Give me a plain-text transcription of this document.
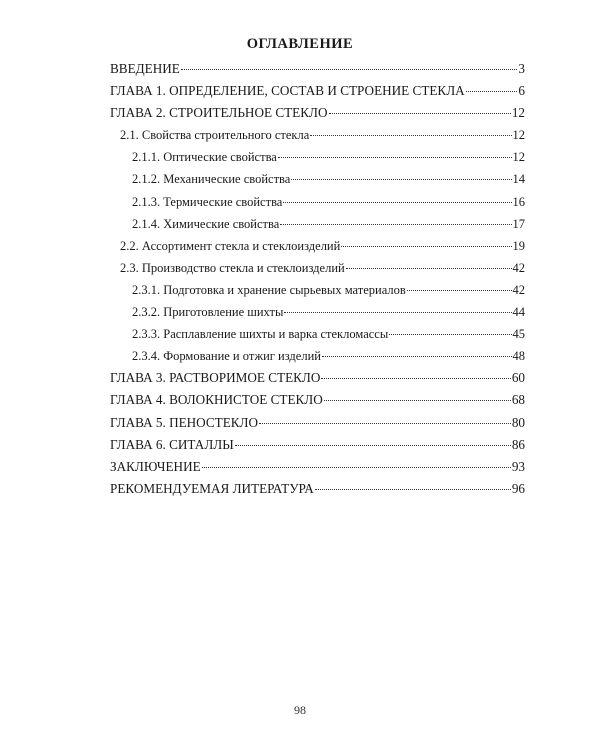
ОГЛАВЛЕНИЕ
ВВЕДЕНИЕ	3
ГЛАВА 1. ОПРЕДЕЛЕНИЕ, СОСТАВ И СТРОЕНИЕ СТЕКЛА	6
ГЛАВА 2. СТРОИТЕЛЬНОЕ СТЕКЛО	12
2.1. Свойства строительного стекла	12
2.1.1. Оптические свойства	12
2.1.2. Механические свойства	14
2.1.3. Термические свойства	16
2.1.4. Химические свойства	17
2.2. Ассортимент стекла и стеклоизделий	19
2.3. Производство стекла и стеклоизделий	42
2.3.1. Подготовка и хранение сырьевых материалов	42
2.3.2. Приготовление шихты	44
2.3.3. Расплавление шихты и варка стекломассы	45
2.3.4. Формование и отжиг изделий	48
ГЛАВА 3. РАСТВОРИМОЕ СТЕКЛО	60
ГЛАВА 4. ВОЛОКНИСТОЕ СТЕКЛО	68
ГЛАВА 5. ПЕНОСТЕКЛО	80
ГЛАВА 6. СИТАЛЛЫ	86
ЗАКЛЮЧЕНИЕ	93
РЕКОМЕНДУЕМАЯ ЛИТЕРАТУРА	96
98
